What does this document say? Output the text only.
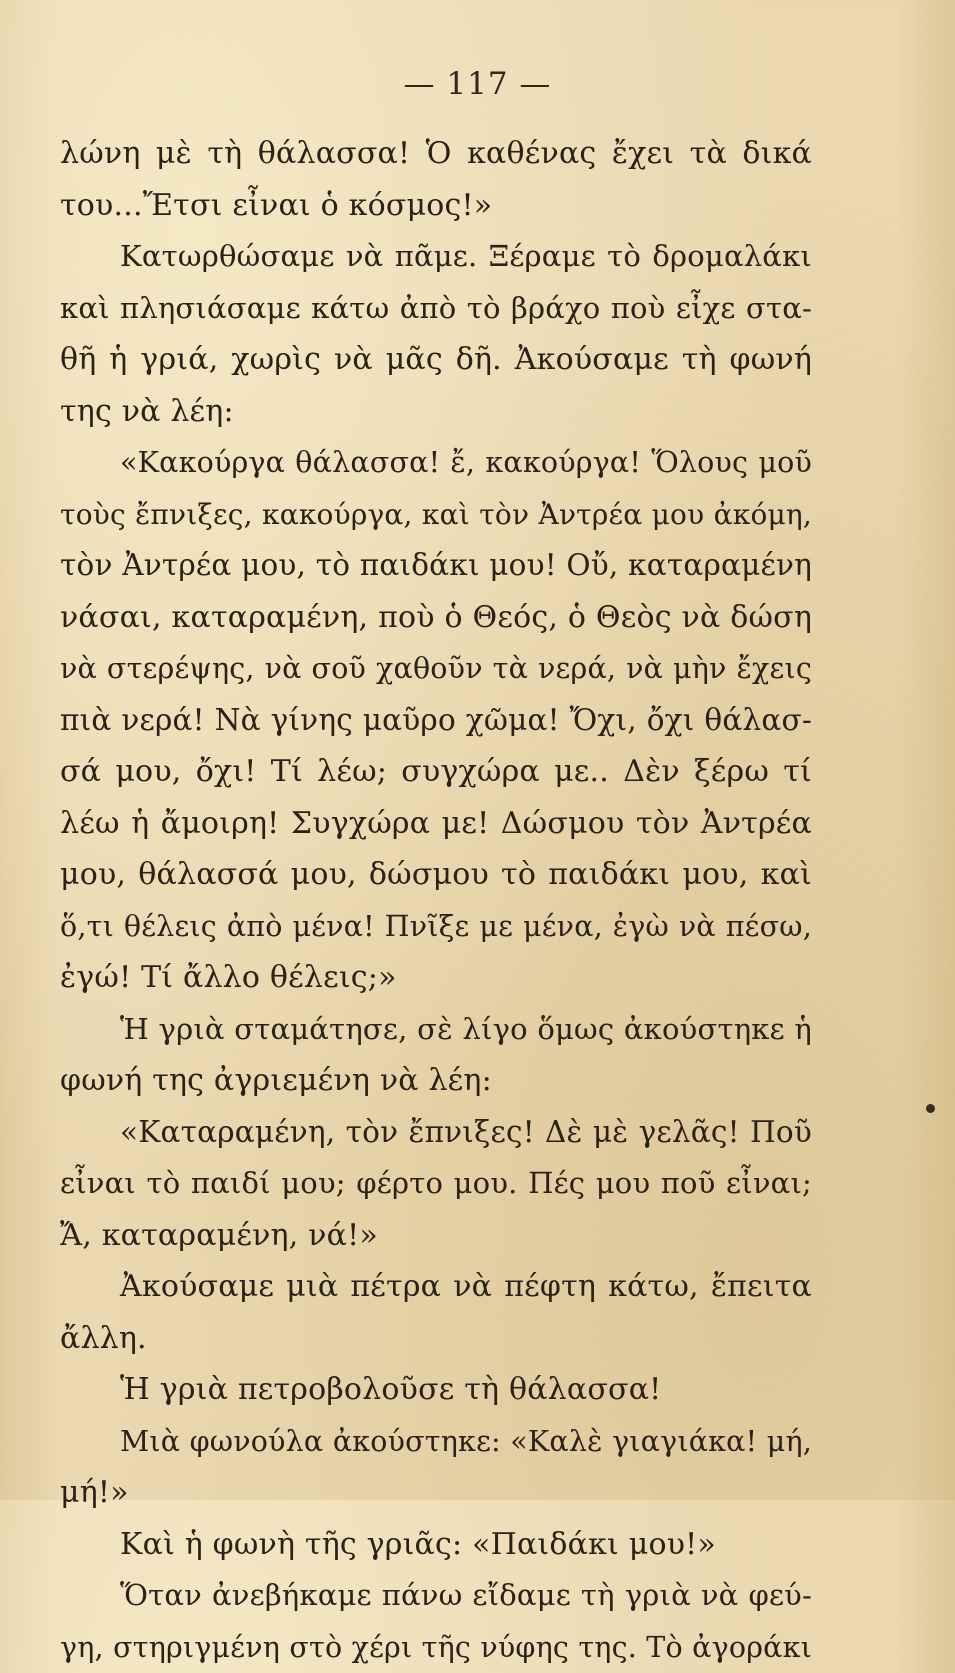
— 117 —
λώνη μὲ τὴ θάλασσα! Ὁ καθένας ἔχει τὰ δικά
του...Ἔτσι εἶναι ὁ κόσμος!»
Κατωρθώσαμε νὰ πᾶμε. Ξέραμε τὸ δρομαλάκι
καὶ πλησιάσαμε κάτω ἀπὸ τὸ βράχο ποὺ εἶχε στα-
θῆ ἡ γριά, χωρὶς νὰ μᾶς δῆ. Ἀκούσαμε τὴ φωνή
της νὰ λέη:
«Κακούργα θάλασσα! ἔ, κακούργα! Ὅλους μοῦ
τοὺς ἔπνιξες, κακούργα, καὶ τὸν Ἀντρέα μου ἀκόμη,
τὸν Ἀντρέα μου, τὸ παιδάκι μου! Οὔ, καταραμένη
νάσαι, καταραμένη, ποὺ ὁ Θεός, ὁ Θεὸς νὰ δώση
νὰ στερέψης, νὰ σοῦ χαθοῦν τὰ νερά, νὰ μὴν ἔχεις
πιὰ νερά! Νὰ γίνης μαῦρο χῶμα! Ὄχι, ὄχι θάλασ-
σά μου, ὄχι! Τί λέω; συγχώρα με.. Δὲν ξέρω τί
λέω ἡ ἄμοιρη! Συγχώρα με! Δώσμου τὸν Ἀντρέα
μου, θάλασσά μου, δώσμου τὸ παιδάκι μου, καὶ
ὅ,τι θέλεις ἀπὸ μένα! Πνῖξε με μένα, ἐγὼ νὰ πέσω,
ἐγώ! Τί ἄλλο θέλεις;»
Ἡ γριὰ σταμάτησε, σὲ λίγο ὅμως ἀκούστηκε ἡ
φωνή της ἀγριεμένη νὰ λέη:
«Καταραμένη, τὸν ἔπνιξες! Δὲ μὲ γελᾶς! Ποῦ
εἶναι τὸ παιδί μου; φέρτο μου. Πές μου ποῦ εἶναι;
Ἄ, καταραμένη, νά!»
Ἀκούσαμε μιὰ πέτρα νὰ πέφτη κάτω, ἔπειτα
ἄλλη.
Ἡ γριὰ πετροβολοῦσε τὴ θάλασσα!
Μιὰ φωνούλα ἀκούστηκε: «Καλὲ γιαγιάκα! μή,
μή!»
Καὶ ἡ φωνὴ τῆς γριᾶς: «Παιδάκι μου!»
Ὅταν ἀνεβήκαμε πάνω εἴδαμε τὴ γριὰ νὰ φεύ-
γη, στηριγμένη στὸ χέρι τῆς νύφης της. Τὸ ἀγοράκι
